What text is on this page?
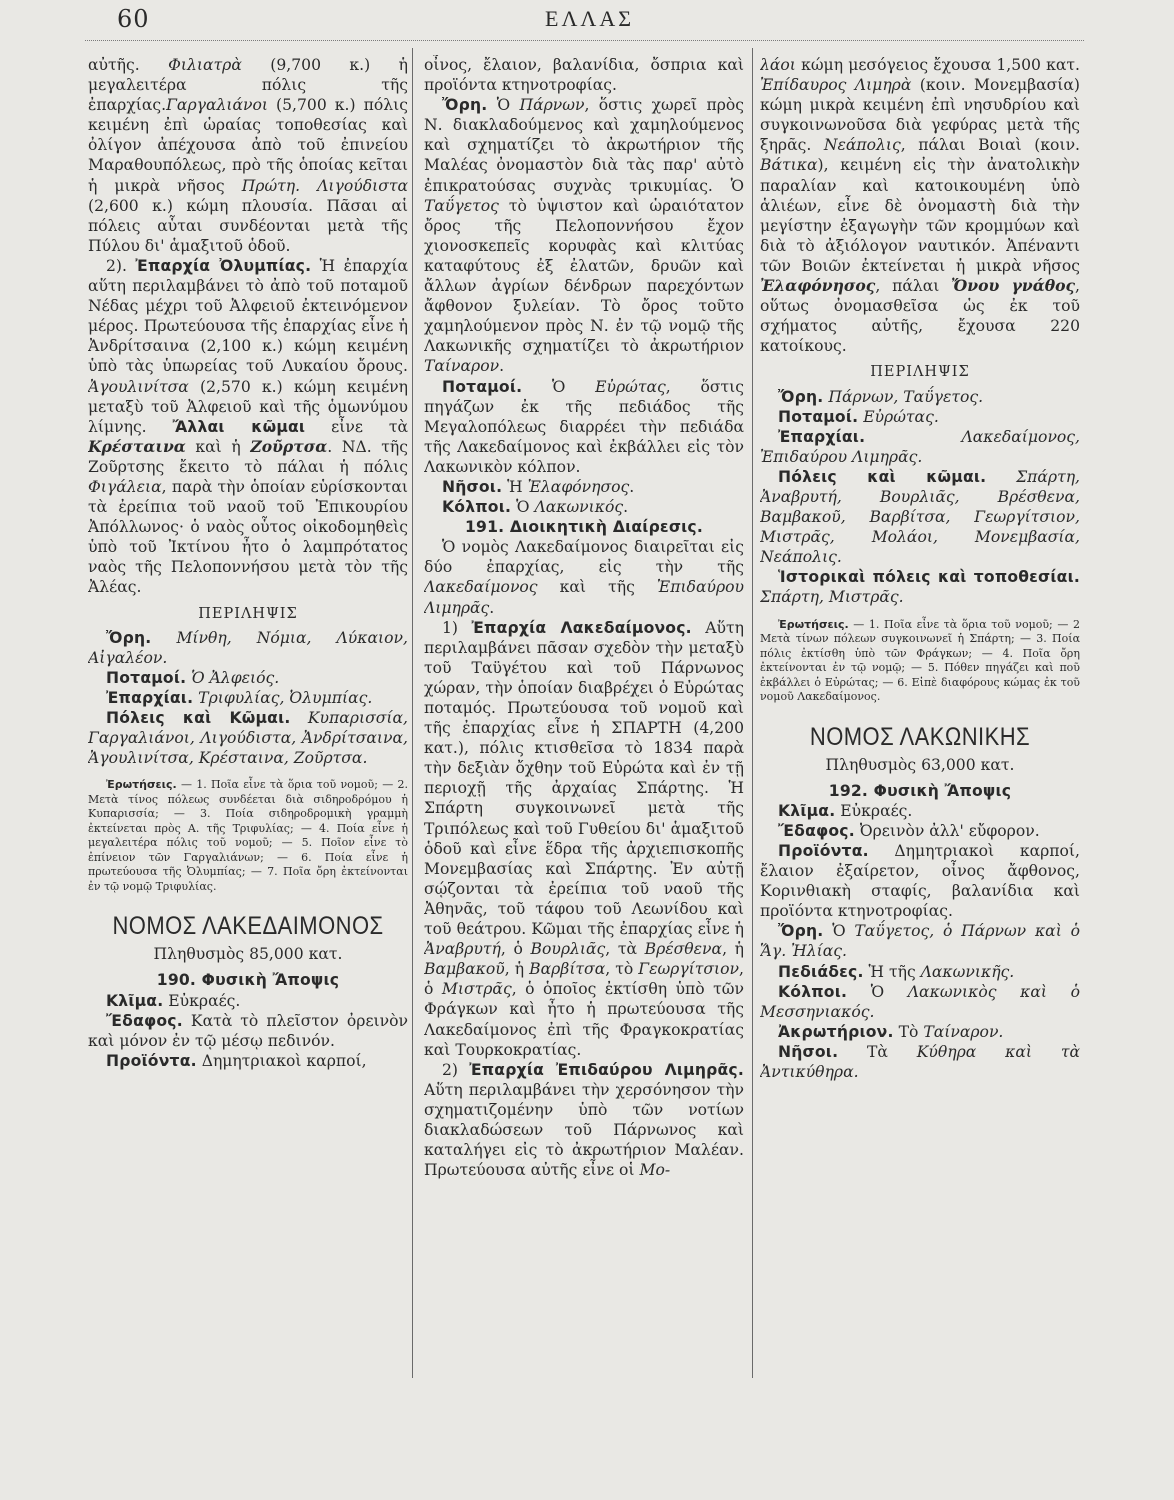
60	ΕΛΛΑΣ

αὐτῆς. Φιλιατρὰ (9,700 κ.) ἡ μεγαλειτέρα πόλις τῆς ἐπαρχίας.Γαργαλιάνοι (5,700 κ.) πόλις κειμένη ἐπὶ ὡραίας τοποθεσίας καὶ ὀλίγον ἀπέχουσα ἀπὸ τοῦ ἐπινείου Μαραθουπόλεως, πρὸ τῆς ὁποίας κεῖται ἡ μικρὰ νῆσος Πρώτη. Λιγούδιστα (2,600 κ.) κώμη πλουσία. Πᾶσαι αἱ πόλεις αὗται συνδέονται μετὰ τῆς Πύλου δι' ἁμαξιτοῦ ὁδοῦ.

2). Ἐπαρχία Ὀλυμπίας. Ἡ ἐπαρχία αὕτη περιλαμβάνει τὸ ἀπὸ τοῦ ποταμοῦ Νέδας μέχρι τοῦ Ἀλφειοῦ ἐκτεινόμενον μέρος. Πρωτεύουσα τῆς ἐπαρχίας εἶνε ἡ Ἀνδρίτσαινα (2,100 κ.) κώμη κειμένη ὑπὸ τὰς ὑπωρείας τοῦ Λυκαίου ὄρους. Ἀγουλινίτσα (2,570 κ.) κώμη κειμένη μεταξὺ τοῦ Ἀλφειοῦ καὶ τῆς ὁμωνύμου λίμνης. Ἄλλαι κῶμαι εἶνε τὰ Κρέσταινα καὶ ἡ Ζοῦρτσα. ΝΔ. τῆς Ζοῦρτσης ἔκειτο τὸ πάλαι ἡ πόλις Φιγάλεια, παρὰ τὴν ὁποίαν εὑρίσκονται τὰ ἐρείπια τοῦ ναοῦ τοῦ Ἐπικουρίου Ἀπόλλωνος· ὁ ναὸς οὗτος οἰκοδομηθεὶς ὑπὸ τοῦ Ἰκτίνου ἦτο ὁ λαμπρότατος ναὸς τῆς Πελοποννήσου μετὰ τὸν τῆς Ἀλέας.

ΠΕΡΙΛΗΨΙΣ

Ὄρη. Μίνθη, Νόμια, Λύκαιον, Αἰγαλέον.

Ποταμοί. Ὁ Ἀλφειός.

Ἐπαρχίαι. Τριφυλίας, Ὀλυμπίας.

Πόλεις καὶ Κῶμαι. Κυπαρισσία, Γαργαλιάνοι, Λιγούδιστα, Ἀνδρίτσαινα, Ἀγουλινίτσα, Κρέσταινα, Ζοῦρτσα.

Ἐρωτήσεις. — 1. Ποῖα εἶνε τὰ ὅρια τοῦ νομοῦ; — 2. Μετὰ τίνος πόλεως συνδέεται διὰ σιδηροδρόμου ἡ Κυπαρισσία; — 3. Ποία σιδηροδρομικὴ γραμμὴ ἐκτείνεται πρὸς Α. τῆς Τριφυλίας; — 4. Ποία εἶνε ἡ μεγαλειτέρα πόλις τοῦ νομοῦ; — 5. Ποῖον εἶνε τὸ ἐπίνειον τῶν Γαργαλιάνων; — 6. Ποία εἶνε ἡ πρωτεύουσα τῆς Ὀλυμπίας; — 7. Ποῖα ὄρη ἐκτείνονται ἐν τῷ νομῷ Τριφυλίας.

ΝΟΜΟΣ ΛΑΚΕΔΑΙΜΟΝΟΣ

Πληθυσμὸς 85,000 κατ.

190. Φυσικὴ Ἄποψις

Κλῖμα. Εὐκραές.

Ἔδαφος. Κατὰ τὸ πλεῖστον ὀρεινὸν καὶ μόνον ἐν τῷ μέσῳ πεδινόν.

Προϊόντα. Δημητριακοὶ καρποί,

οἶνος, ἔλαιον, βαλανίδια, ὄσπρια καὶ προϊόντα κτηνοτροφίας.

Ὄρη. Ὁ Πάρνων, ὅστις χωρεῖ πρὸς Ν. διακλαδούμενος καὶ χαμηλούμενος καὶ σχηματίζει τὸ ἀκρωτήριον τῆς Μαλέας ὀνομαστὸν διὰ τὰς παρ' αὐτὸ ἐπικρατούσας συχνὰς τρικυμίας. Ὁ Ταΰγετος τὸ ὑψιστον καὶ ὡραιότατον ὄρος τῆς Πελοποννήσου ἔχον χιονοσκεπεῖς κορυφὰς καὶ κλιτύας καταφύτους ἐξ ἐλατῶν, δρυῶν καὶ ἄλλων ἀγρίων δένδρων παρεχόντων ἄφθονον ξυλείαν. Τὸ ὄρος τοῦτο χαμηλούμενον πρὸς Ν. ἐν τῷ νομῷ τῆς Λακωνικῆς σχηματίζει τὸ ἀκρωτήριον Ταίναρον.

Ποταμοί. Ὁ Εὐρώτας, ὅστις πηγάζων ἐκ τῆς πεδιάδος τῆς Μεγαλοπόλεως διαρρέει τὴν πεδιάδα τῆς Λακεδαίμονος καὶ ἐκβάλλει εἰς τὸν Λακωνικὸν κόλπον.

Νῆσοι. Ἡ Ἐλαφόνησος.

Κόλποι. Ὁ Λακωνικός.

191. Διοικητικὴ Διαίρεσις.

Ὁ νομὸς Λακεδαίμονος διαιρεῖται εἰς δύο ἐπαρχίας, εἰς τὴν τῆς Λακεδαίμονος καὶ τῆς Ἐπιδαύρου Λιμηρᾶς.

1) Ἐπαρχία Λακεδαίμονος. Αὕτη περιλαμβάνει πᾶσαν σχεδὸν τὴν μεταξὺ τοῦ Ταϋγέτου καὶ τοῦ Πάρνωνος χώραν, τὴν ὁποίαν διαβρέχει ὁ Εὐρώτας ποταμός. Πρωτεύουσα τοῦ νομοῦ καὶ τῆς ἐπαρχίας εἶνε ἡ ΣΠΑΡΤΗ (4,200 κατ.), πόλις κτισθεῖσα τὸ 1834 παρὰ τὴν δεξιὰν ὄχθην τοῦ Εὐρώτα καὶ ἐν τῇ περιοχῇ τῆς ἀρχαίας Σπάρτης. Ἡ Σπάρτη συγκοινωνεῖ μετὰ τῆς Τριπόλεως καὶ τοῦ Γυθείου δι' ἁμαξιτοῦ ὁδοῦ καὶ εἶνε ἕδρα τῆς ἀρχιεπισκοπῆς Μονεμβασίας καὶ Σπάρτης. Ἐν αὐτῇ σῴζονται τὰ ἐρείπια τοῦ ναοῦ τῆς Ἀθηνᾶς, τοῦ τάφου τοῦ Λεωνίδου καὶ τοῦ θεάτρου. Κῶμαι τῆς ἐπαρχίας εἶνε ἡ Ἀναβρυτή, ὁ Βουρλιᾶς, τὰ Βρέσθενα, ἡ Βαμβακοῦ, ἡ Βαρβίτσα, τὸ Γεωργίτσιον, ὁ Μιστρᾶς, ὁ ὁποῖος ἐκτίσθη ὑπὸ τῶν Φράγκων καὶ ἦτο ἡ πρωτεύουσα τῆς Λακεδαίμονος ἐπὶ τῆς Φραγκοκρατίας καὶ Τουρκοκρατίας.

2) Ἐπαρχία Ἐπιδαύρου Λιμηρᾶς. Αὕτη περιλαμβάνει τὴν χερσόνησον τὴν σχηματιζομένην ὑπὸ τῶν νοτίων διακλαδώσεων τοῦ Πάρνωνος καὶ καταλήγει εἰς τὸ ἀκρωτήριον Μαλέαν. Πρωτεύουσα αὐτῆς εἶνε οἱ Μο-

λάοι κώμη μεσόγειος ἔχουσα 1,500 κατ. Ἐπίδαυρος Λιμηρὰ (κοιν. Μονεμβασία) κώμη μικρὰ κειμένη ἐπὶ νησυδρίου καὶ συγκοινωνοῦσα διὰ γεφύρας μετὰ τῆς ξηρᾶς. Νεάπολις, πάλαι Βοιαὶ (κοιν. Βάτικα), κειμένη εἰς τὴν ἀνατολικὴν παραλίαν καὶ κατοικουμένη ὑπὸ ἁλιέων, εἶνε δὲ ὀνομαστὴ διὰ τὴν μεγίστην ἐξαγωγὴν τῶν κρομμύων καὶ διὰ τὸ ἀξιόλογον ναυτικόν. Ἀπέναντι τῶν Βοιῶν ἐκτείνεται ἡ μικρὰ νῆσος Ἐλαφόνησος, πάλαι Ὄνου γνάθος, οὕτως ὀνομασθεῖσα ὡς ἐκ τοῦ σχήματος αὐτῆς, ἔχουσα 220 κατοίκους.

ΠΕΡΙΛΗΨΙΣ

Ὄρη. Πάρνων, Ταΰγετος.

Ποταμοί. Εὐρώτας.

Ἐπαρχίαι.	Λακεδαίμονος, Ἐπιδαύρου Λιμηρᾶς.

Πόλεις καὶ κῶμαι. Σπάρτη, Ἀναβρυτή, Βουρλιᾶς, Βρέσθενα, Βαμβακοῦ, Βαρβίτσα, Γεωργίτσιον, Μιστρᾶς, Μολάοι, Μονεμβασία, Νεάπολις.

Ἱστορικαὶ πόλεις καὶ τοποθεσίαι. Σπάρτη, Μιστρᾶς.

Ἐρωτήσεις. — 1. Ποῖα εἶνε τὰ ὅρια τοῦ νομοῦ; — 2 Μετὰ τίνων πόλεων συγκοινωνεῖ ἡ Σπάρτη; — 3. Ποία πόλις ἐκτίσθη ὑπὸ τῶν Φράγκων; — 4. Ποῖα ὄρη ἐκτείνονται ἐν τῷ νομῷ; — 5. Πόθεν πηγάζει καὶ ποῦ ἐκβάλλει ὁ Εὐρώτας; — 6. Εἰπὲ διαφόρους κώμας ἐκ τοῦ νομοῦ Λακεδαίμονος.

ΝΟΜΟΣ ΛΑΚΩΝΙΚΗΣ

Πληθυσμὸς 63,000 κατ.

192. Φυσικὴ Ἄποψις

Κλῖμα. Εὐκραές.

Ἔδαφος. Ὀρεινὸν ἀλλ' εὔφορον.

Προϊόντα. Δημητριακοὶ καρποί, ἔλαιον ἐξαίρετον, οἶνος ἄφθονος, Κορινθιακὴ σταφίς, βαλανίδια καὶ προϊόντα κτηνοτροφίας.

Ὄρη. Ὁ Ταΰγετος, ὁ Πάρνων καὶ ὁ Ἅγ. Ἠλίας.

Πεδιάδες. Ἡ τῆς Λακωνικῆς.

Κόλποι. Ὁ Λακωνικὸς καὶ ὁ Μεσσηνιακός.

Ἀκρωτήριον. Τὸ Ταίναρον.

Νῆσοι. Τὰ Κύθηρα καὶ τὰ Ἀντικύθηρα.
